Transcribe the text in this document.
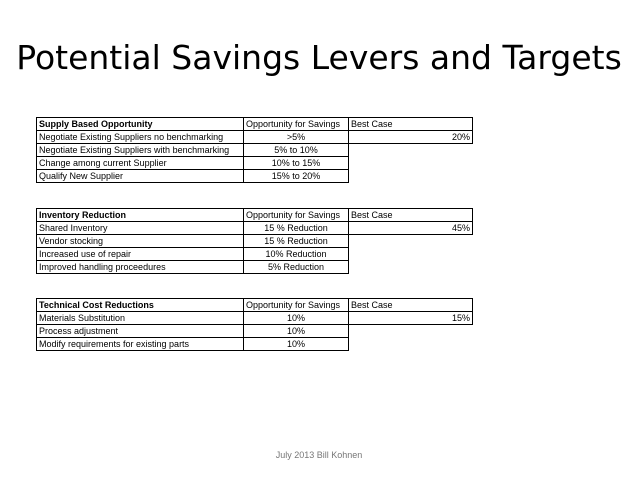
Potential Savings Levers and Targets
Supply Based Opportunity	Opportunity for Savings	Best Case
Negotiate Existing Suppliers no benchmarking	>5%	20%
Negotiate Existing Suppliers with benchmarking	5% to 10%	
Change among current Supplier	10% to 15%	
Qualify New Supplier	15% to 20%	
Inventory Reduction	Opportunity for Savings	Best Case
Shared Inventory	15 % Reduction	45%
Vendor stocking	15 % Reduction	
Increased use of repair	10% Reduction	
Improved handling proceedures	5% Reduction	
Technical Cost Reductions	Opportunity for Savings	Best Case
Materials Substitution	10%	15%
Process adjustment	10%	
Modify requirements for existing parts	10%	
July 2013 Bill Kohnen
